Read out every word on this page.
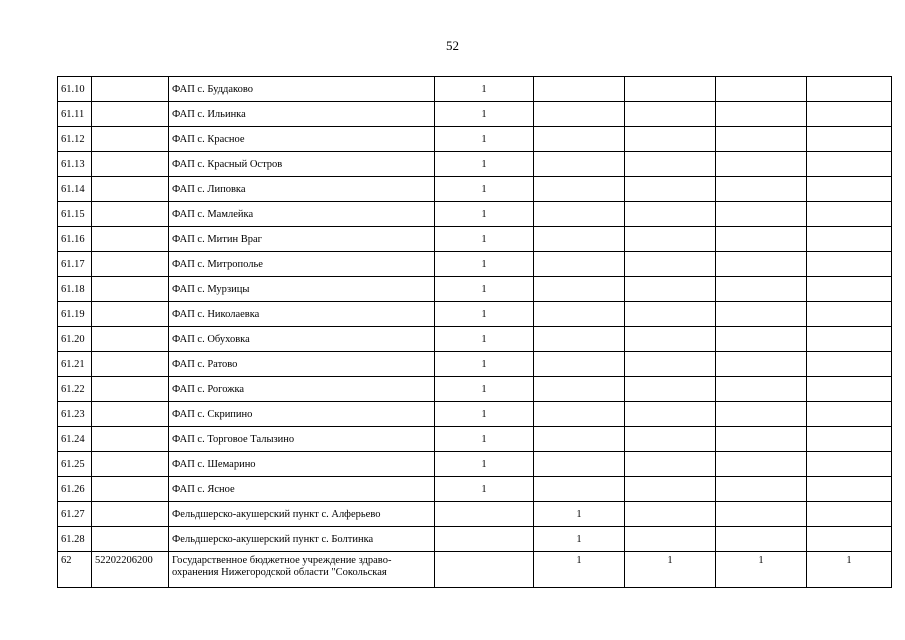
52
61.10		ФАП с. Буддаково	1				
61.11		ФАП с. Ильинка	1				
61.12		ФАП с. Красное	1				
61.13		ФАП с. Красный Остров	1				
61.14		ФАП с. Липовка	1				
61.15		ФАП с. Мамлейка	1				
61.16		ФАП с. Митин Враг	1				
61.17		ФАП с. Митрополье	1				
61.18		ФАП с. Мурзицы	1				
61.19		ФАП с. Николаевка	1				
61.20		ФАП с. Обуховка	1				
61.21		ФАП с. Ратово	1				
61.22		ФАП с. Рогожка	1				
61.23		ФАП с. Скрипино	1				
61.24		ФАП с. Торговое Талызино	1				
61.25		ФАП с. Шемарино	1				
61.26		ФАП с. Ясное	1				
61.27		Фельдшерско-акушерский пункт с. Алферьево		1			
61.28		Фельдшерско-акушерский пункт с. Болтинка		1			
62	52202206200	Государственное бюджетное учреждение здраво-охранения Нижегородской области "Сокольская		1	1	1	1
